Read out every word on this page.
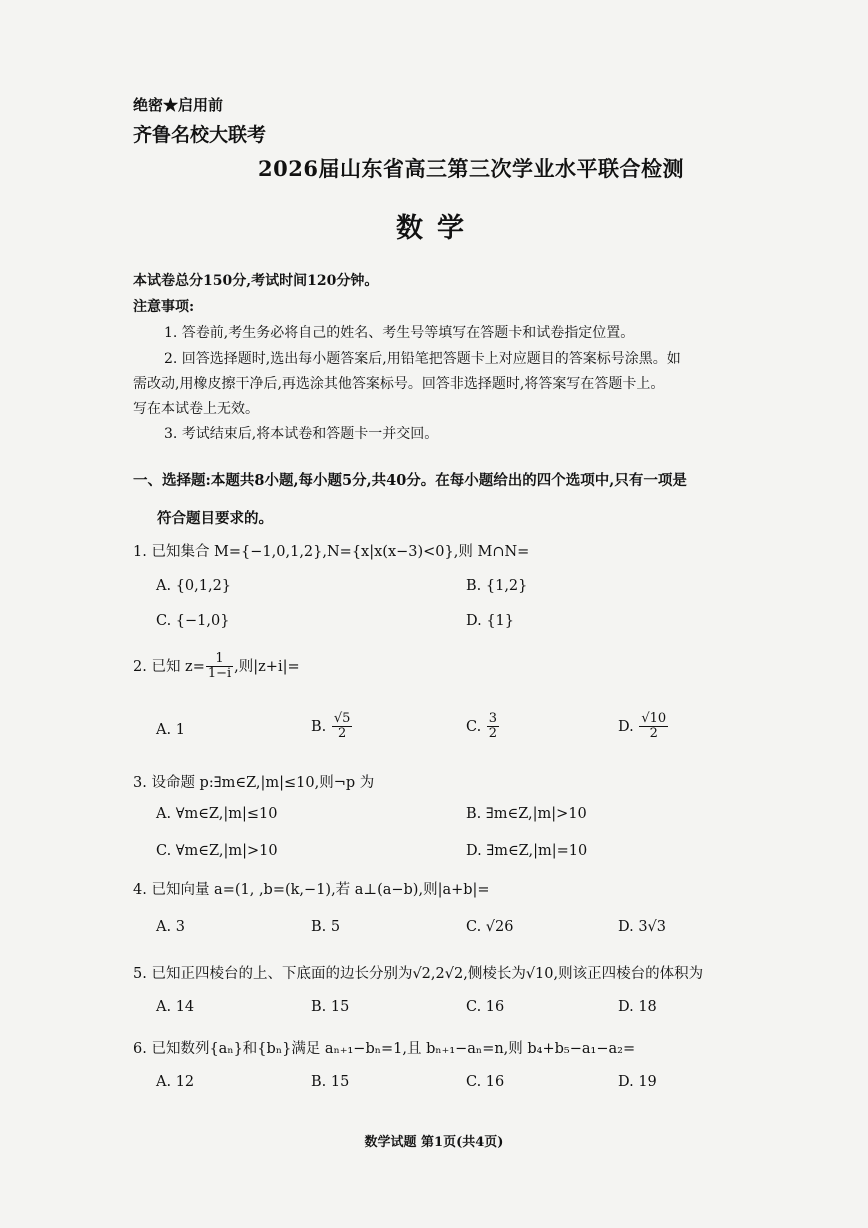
绝密★启用前
齐鲁名校大联考
2026届山东省高三第三次学业水平联合检测
数学
本试卷总分150分,考试时间120分钟。
注意事项:
1. 答卷前,考生务必将自己的姓名、考生号等填写在答题卡和试卷指定位置。
2. 回答选择题时,选出每小题答案后,用铅笔把答题卡上对应题目的答案标号涂黑。如
需改动,用橡皮擦干净后,再选涂其他答案标号。回答非选择题时,将答案写在答题卡上。
写在本试卷上无效。
3. 考试结束后,将本试卷和答题卡一并交回。
一、选择题:本题共8小题,每小题5分,共40分。在每小题给出的四个选项中,只有一项是
符合题目要求的。
1. 已知集合 M={−1,0,1,2},N={x|x(x−3)<0},则 M∩N=
A. {0,1,2}	B. {1,2}
C. {−1,0}	D. {1}
2. 已知 $z= \frac{1}{1-i}$ ,则|z+i|=
A. 1	B. $\frac{√5}{2}$	C. $\frac{3}{2}$	D. $\frac{√10}{2}$
3. 设命题 p:∃m∈Z,|m|≤10,则¬p 为
A. ∀m∈Z,|m|≤10	B. ∃m∈Z,|m|>10
C. ∀m∈Z,|m|>10	D. ∃m∈Z,|m|=10
4. 已知向量 a=(1, ,b=(k,−1),若 a⊥(a−b),则|a+b|=
A. 3	B. 5	C. √26	D. 3√3
5. 已知正四棱台的上、下底面的边长分别为√2,2√2,侧棱长为√10,则该正四棱台的体积为
A. 14	B. 15	C. 16	D. 18
6. 已知数列{aₙ}和{bₙ}满足 aₙ₊₁−bₙ=1,且 bₙ₊₁−aₙ=n,则 b₄+b₅−a₁−a₂=
A. 12	B. 15	C. 16	D. 19
数学试题 第1页(共4页)
